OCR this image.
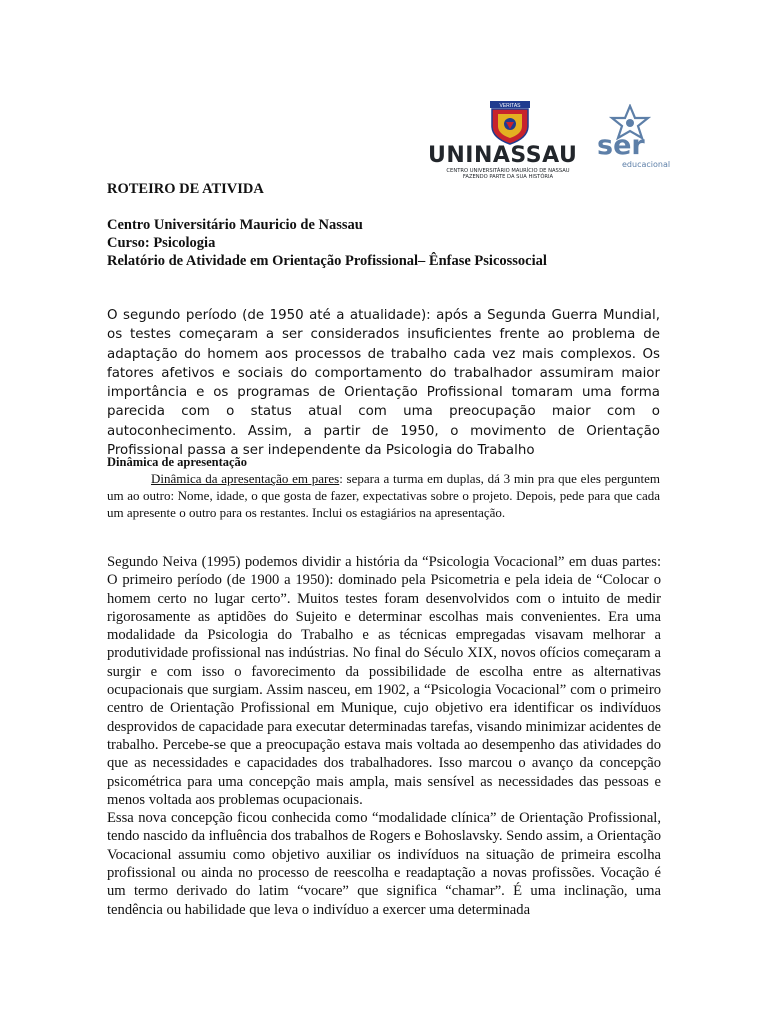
VERITAS
UNINASSAU
CENTRO UNIVERSITÁRIO MAURÍCIO DE NASSAU
FAZENDO PARTE DA SUA HISTÓRIA
ser
educacional
ROTEIRO DE ATIVIDA
Centro Universitário Mauricio de Nassau
Curso: Psicologia
Relatório de Atividade em Orientação Profissional– Ênfase Psicossocial

O segundo período (de 1950 até a atualidade): após a Segunda Guerra Mundial, os testes começaram a ser considerados insuficientes frente ao problema de adaptação do homem aos processos de trabalho cada vez mais complexos. Os fatores afetivos e sociais do comportamento do trabalhador assumiram maior importância e os programas de Orientação Profissional tomaram uma forma parecida com o status atual com uma preocupação maior com o autoconhecimento. Assim, a partir de 1950, o movimento de Orientação Profissional passa a ser independente da Psicologia do Trabalho

Dinâmica de apresentação
Dinâmica da apresentação em pares: separa a turma em duplas, dá 3 min pra que eles perguntem um ao outro: Nome, idade, o que gosta de fazer, expectativas sobre o projeto. Depois, pede para que cada um apresente o outro para os restantes. Inclui os estagiários na apresentação.

Segundo Neiva (1995) podemos dividir a história da “Psicologia Vocacional” em duas partes: O primeiro período (de 1900 a 1950): dominado pela Psicometria e pela ideia de “Colocar o homem certo no lugar certo”. Muitos testes foram desenvolvidos com o intuito de medir rigorosamente as aptidões do Sujeito e determinar escolhas mais convenientes. Era uma modalidade da Psicologia do Trabalho e as técnicas empregadas visavam melhorar a produtividade profissional nas indústrias. No final do Século XIX, novos ofícios começaram a surgir e com isso o favorecimento da possibilidade de escolha entre as alternativas ocupacionais que surgiam. Assim nasceu, em 1902, a “Psicologia Vocacional” com o primeiro centro de Orientação Profissional em Munique, cujo objetivo era identificar os indivíduos desprovidos de capacidade para executar determinadas tarefas, visando minimizar acidentes de trabalho. Percebe-se que a preocupação estava mais voltada ao desempenho das atividades do que as necessidades e capacidades dos trabalhadores. Isso marcou o avanço da concepção psicométrica para uma concepção mais ampla, mais sensível as necessidades das pessoas e menos voltada aos problemas ocupacionais.

Essa nova concepção ficou conhecida como “modalidade clínica” de Orientação Profissional, tendo nascido da influência dos trabalhos de Rogers e Bohoslavsky. Sendo assim, a Orientação Vocacional assumiu como objetivo auxiliar os indivíduos na situação de primeira escolha profissional ou ainda no processo de reescolha e readaptação a novas profissões. Vocação é um termo derivado do latim “vocare” que significa “chamar”. É uma inclinação, uma tendência ou habilidade que leva o indivíduo a exercer uma determinada
